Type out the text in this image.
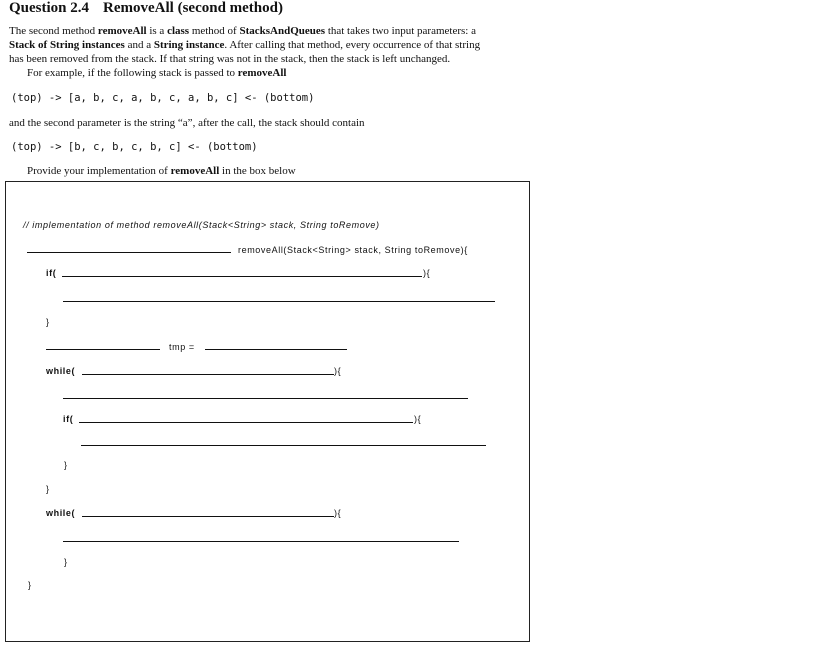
Question 2.4 RemoveAll (second method)
The second method removeAll is a class method of StacksAndQueues that takes two input parameters: a
Stack of String instances and a String instance. After calling that method, every occurrence of that string
has been removed from the stack. If that string was not in the stack, then the stack is left unchanged.
For example, if the following stack is passed to removeAll
(top) -> [a, b, c, a, b, c, a, b, c] <- (bottom)
and the second parameter is the string “a”, after the call, the stack should contain
(top) -> [b, c, b, c, b, c] <- (bottom)
Provide your implementation of removeAll in the box below
// implementation of method removeAll(Stack<String> stack, String toRemove)
removeAll(Stack<String> stack, String toRemove){
if(	){
}
tmp =
while(	){
if(	){
}
}
while(	){
}
}
